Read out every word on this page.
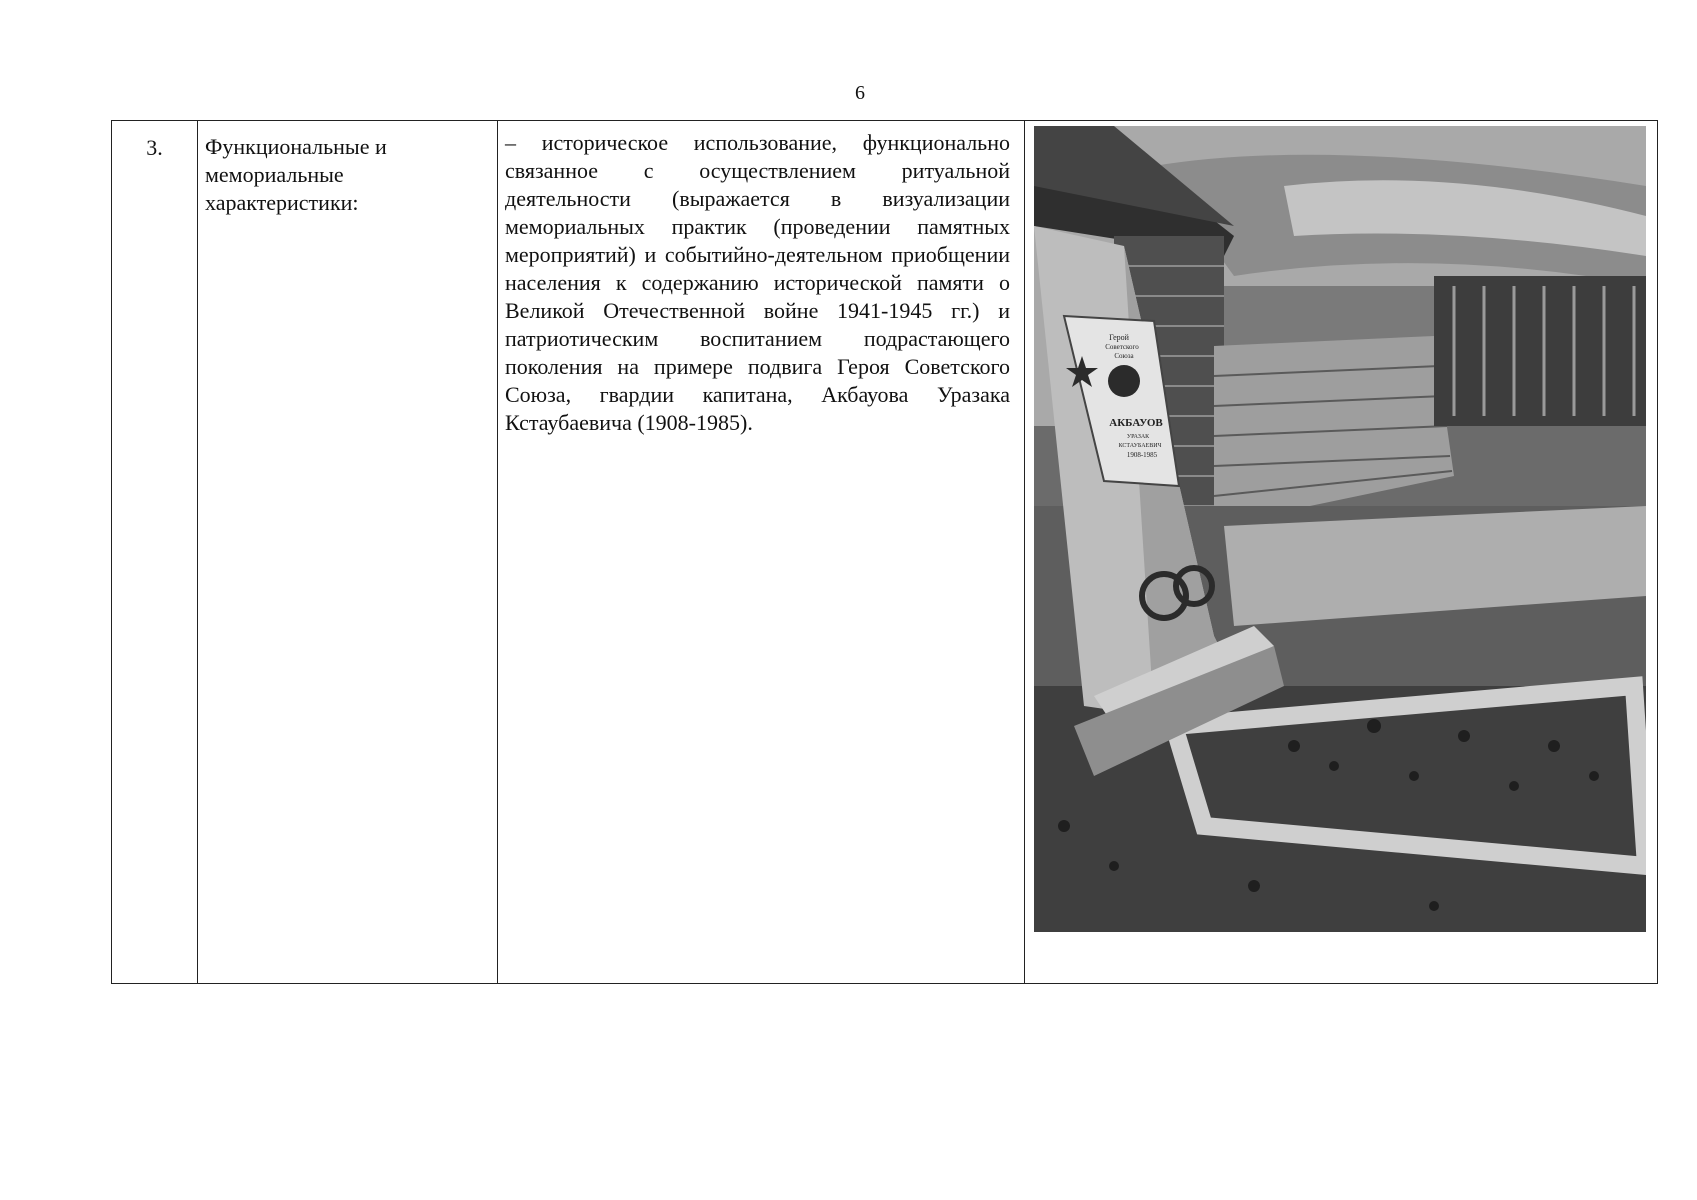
6
3.	Функциональные и мемориальные характеристики:
– историческое использование, функционально связанное с осуществлением ритуальной деятельности (выражается в визуализации мемориальных практик (проведении памятных мероприятий) и событийно-деятельном приобщении населения к содержанию исторической памяти о Великой Отечественной войне 1941-1945 гг.) и патриотическим воспитанием подрастающего поколения на примере подвига Героя Советского Союза, гвардии капитана, Акбауова Уразака Кстаубаевича (1908-1985).
Герой
Советского
Союза
АКБАУОВ
УРАЗАК
КСТАУБАЕВИЧ
1908-1985
